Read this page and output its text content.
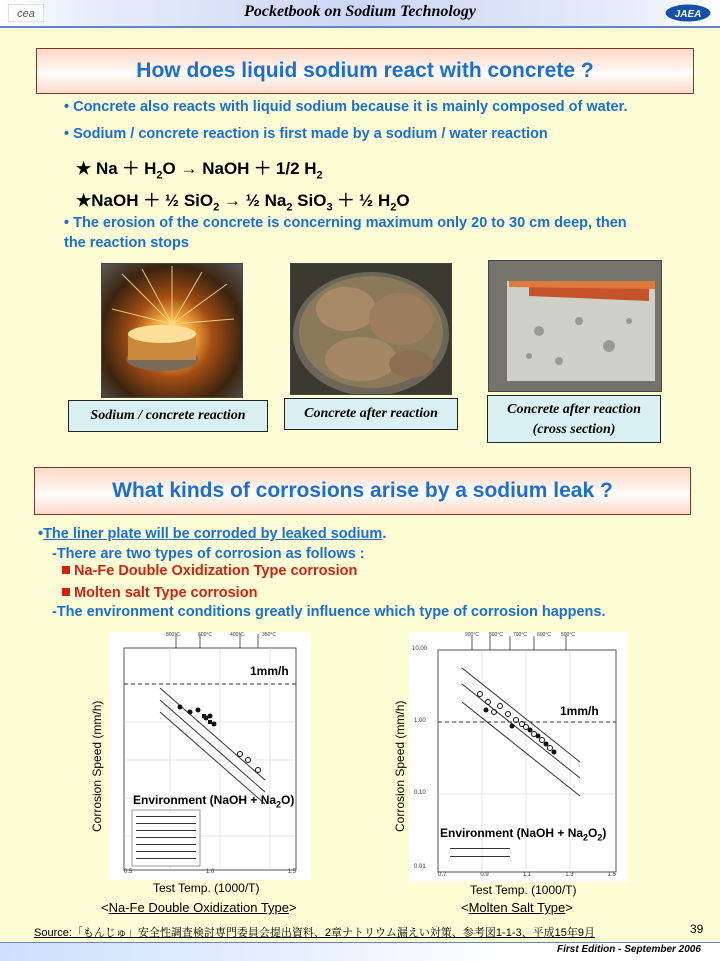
cea	Pocketbook on Sodium Technology	JAEA
How does liquid sodium react with concrete ?
• Concrete also reacts with liquid sodium because it is mainly composed of water.
• Sodium / concrete reaction is first made by a sodium / water reaction
★ $Na + H_2O$ → NaOH ＋ 1/2 $H_2$
★NaOH ＋ ½ SiO$_2$ → ½ $Na_2$ SiO$_3$ ＋ ½ $H_2O$
• The erosion of the concrete is concerning maximum only 20 to 30 cm deep, then
the reaction stops
Sodium / concrete reaction	Concrete after reaction	Concrete after reaction
(cross section)
What kinds of corrosions arise by a sodium leak ?
•The liner plate will be corroded by leaked sodium.
-There are two types of corrosion as follows :
Na-Fe Double Oxidization Type corrosion
Molten salt Type corrosion
-The environment conditions greatly influence which type of corrosion happens.
800°C	600°C	400°C	350°C
0.5	1.0	1.5
1mm/h
Environment (NaOH + $Na_2O$)
Corrosion Speed (mm/h)
Test Temp. (1000/T)
<Na-Fe Double Oxidization Type>
900°C 800°C 700°C 600°C 500°C
10.00
1.00
0.10
0.01
0.7	0.9	1.1	1.3	1.5
1mm/h
Environment (NaOH + $Na_2O_2$)
Corrosion Speed (mm/h)
Test Temp. (1000/T)
<Molten Salt Type>
Source:「もんじゅ」安全性調査検討専門委員会提出資料、2章ナトリウム漏えい対策、参考図1-1-3、平成15年9月	39
First Edition - September 2006
